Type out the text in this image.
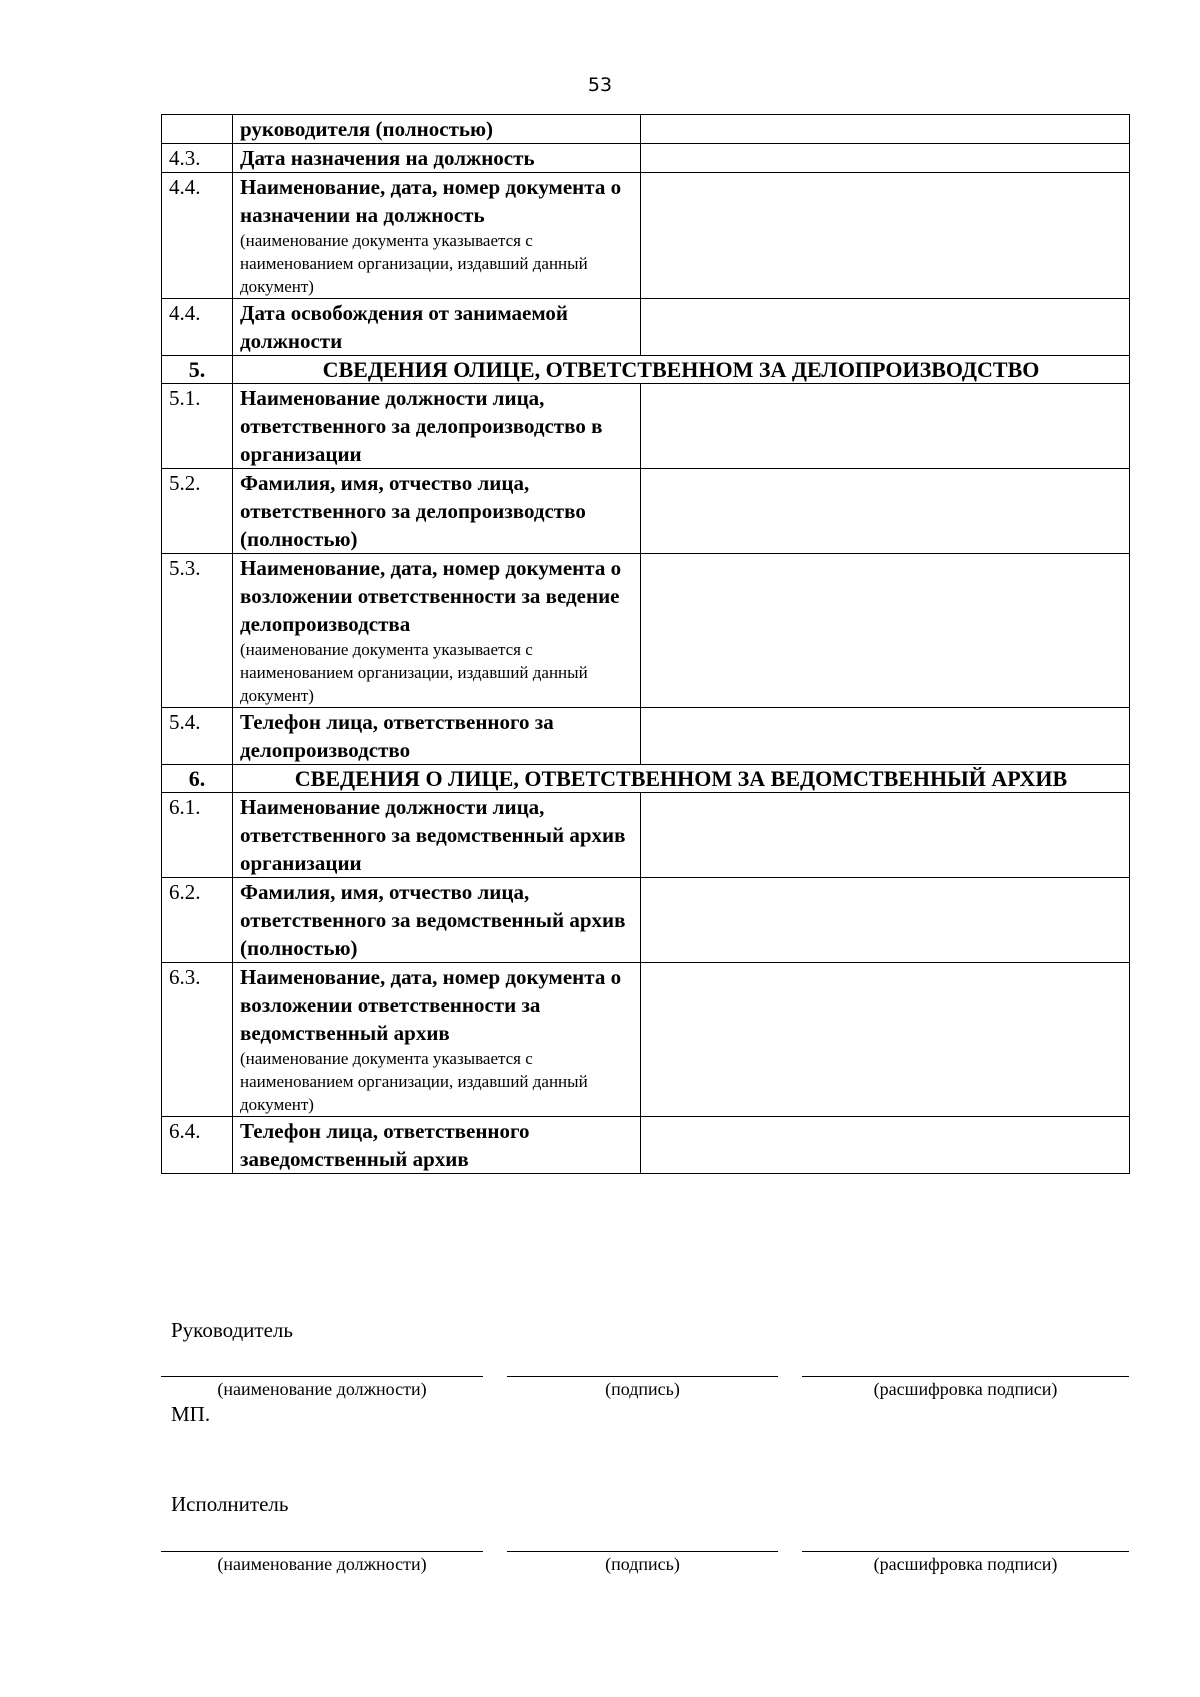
53

	руководителя (полностью)	

4.3.	Дата назначения на должность	

4.4.	Наименование, дата, номер документа о назначении на должность
(наименование документа указывается с наименованием организации, издавший данный документ)	

4.4.	Дата освобождения от занимаемой должности	

5.	СВЕДЕНИЯ ОЛИЦЕ, ОТВЕТСТВЕННОМ ЗА ДЕЛОПРОИЗВОДСТВО	
5.1.	Наименование должности лица, ответственного за делопроизводство в организации	

5.2.	Фамилия, имя, отчество лица, ответственного за делопроизводство (полностью)	

5.3.	Наименование, дата, номер документа о возложении ответственности за ведение делопроизводства
(наименование документа указывается с наименованием организации, издавший данный документ)	

5.4.	Телефон лица, ответственного за делопроизводство	

6.	СВЕДЕНИЯ О ЛИЦЕ, ОТВЕТСТВЕННОМ ЗА ВЕДОМСТВЕННЫЙ АРХИВ	
6.1.	Наименование должности лица, ответственного за ведомственный архив организации	

6.2.	Фамилия, имя, отчество лица, ответственного за ведомственный архив (полностью)	

6.3.	Наименование, дата, номер документа о возложении ответственности за ведомственный архив
(наименование документа указывается с наименованием организации, издавший данный документ)	

6.4.	Телефон лица, ответственного заведомственный архив	

Руководитель
(наименование должности)	(подпись)	(расшифровка подписи)
МП.
Исполнитель
(наименование должности)	(подпись)	(расшифровка подписи)
